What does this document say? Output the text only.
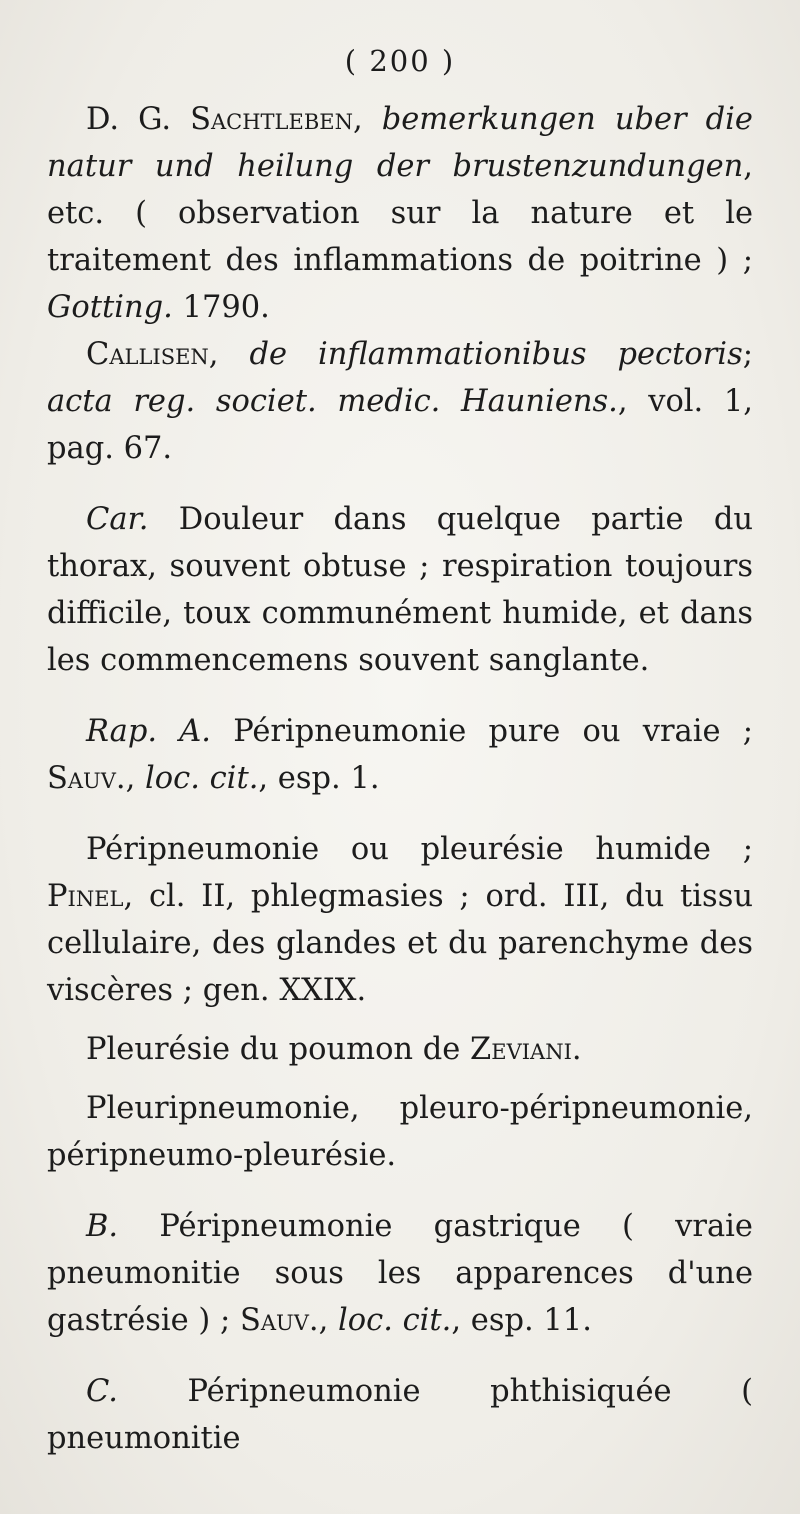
( 200 )

D. G. Sachtleben, bemerkungen uber die natur und heilung der brustenzundungen, etc. ( observation sur la nature et le traitement des inflammations de poitrine ) ; Gotting. 1790.

Callisen, de inflammationibus pectoris; acta reg. societ. medic. Hauniens., vol. 1, pag. 67.

Car. Douleur dans quelque partie du thorax, souvent obtuse ; respiration toujours difficile, toux communément humide, et dans les commencemens souvent sanglante.

Rap. A. Péripneumonie pure ou vraie ; Sauv., loc. cit., esp. 1.

Péripneumonie ou pleurésie humide ; Pinel, cl. II, phlegmasies ; ord. III, du tissu cellulaire, des glandes et du parenchyme des viscères ; gen. XXIX.

Pleurésie du poumon de Zeviani.

Pleuripneumonie, pleuro-péripneumonie, péripneumo-pleurésie.

B. Péripneumonie gastrique ( vraie pneumonitie sous les apparences d'une gastrésie ) ; Sauv., loc. cit., esp. 11.

C. Péripneumonie phthisiquée ( pneumonitie
